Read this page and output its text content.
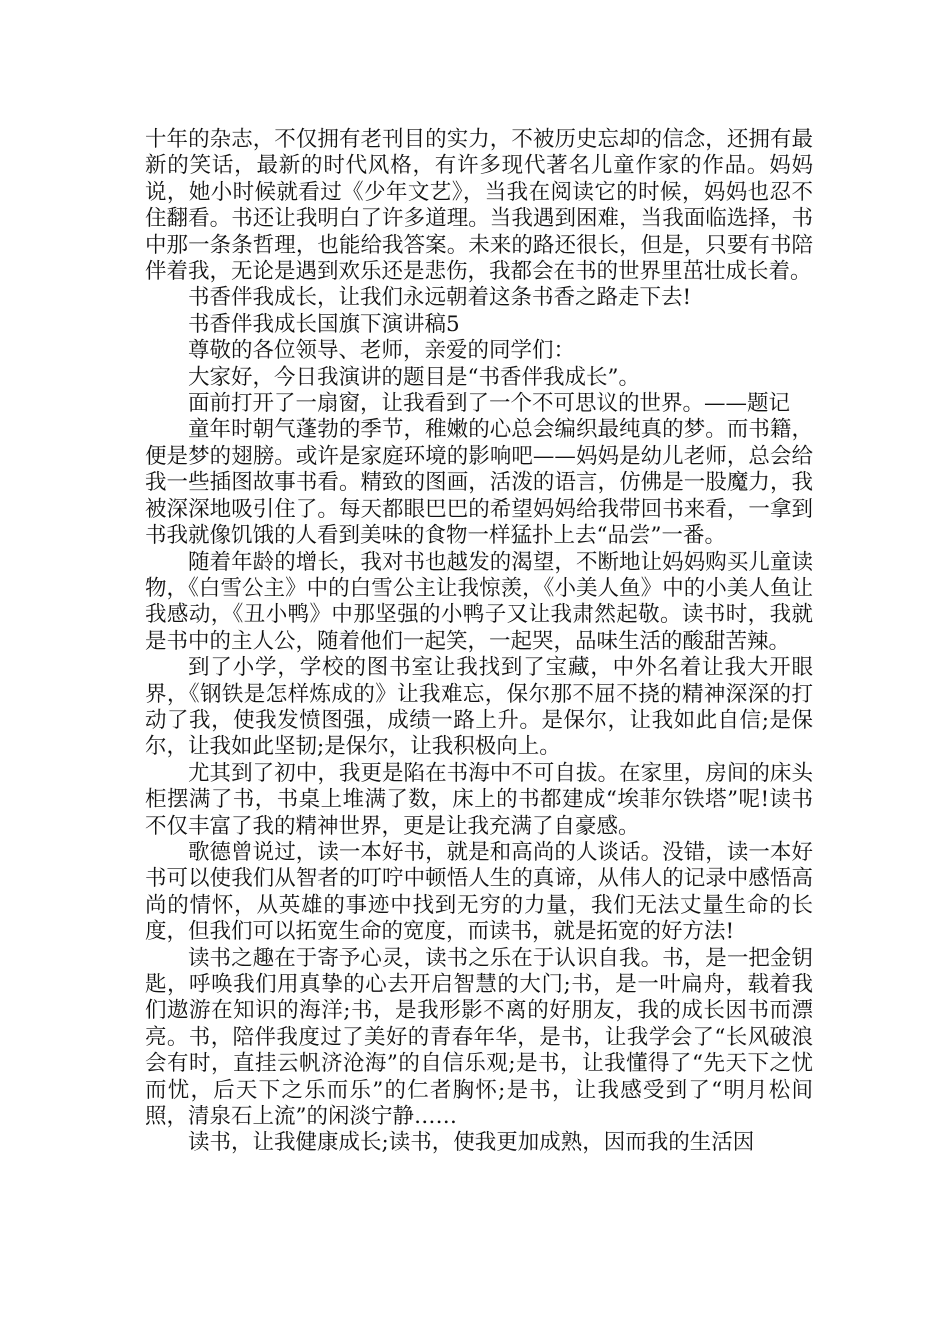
十年的杂志，不仅拥有老刊目的实力，不被历史忘却的信念，还拥有最新的笑话，最新的时代风格，有许多现代著名儿童作家的作品。妈妈说，她小时候就看过《少年文艺》，当我在阅读它的时候，妈妈也忍不住翻看。书还让我明白了许多道理。当我遇到困难，当我面临选择，书中那一条条哲理，也能给我答案。未来的路还很长，但是，只要有书陪伴着我，无论是遇到欢乐还是悲伤，我都会在书的世界里茁壮成长着。

书香伴我成长，让我们永远朝着这条书香之路走下去!

书香伴我成长国旗下演讲稿5

尊敬的各位领导、老师，亲爱的同学们：

大家好，今日我演讲的题目是“书香伴我成长”。

面前打开了一扇窗，让我看到了一个不可思议的世界。——题记

童年时朝气蓬勃的季节，稚嫩的心总会编织最纯真的梦。而书籍，便是梦的翅膀。或许是家庭环境的影响吧——妈妈是幼儿老师，总会给我一些插图故事书看。精致的图画，活泼的语言，仿佛是一股魔力，我被深深地吸引住了。每天都眼巴巴的希望妈妈给我带回书来看，一拿到书我就像饥饿的人看到美味的食物一样猛扑上去“品尝”一番。

随着年龄的增长，我对书也越发的渴望，不断地让妈妈购买儿童读物，《白雪公主》中的白雪公主让我惊羡，《小美人鱼》中的小美人鱼让我感动，《丑小鸭》中那坚强的小鸭子又让我肃然起敬。读书时，我就是书中的主人公，随着他们一起笑，一起哭，品味生活的酸甜苦辣。

到了小学，学校的图书室让我找到了宝藏，中外名着让我大开眼界，《钢铁是怎样炼成的》让我难忘，保尔那不屈不挠的精神深深的打动了我，使我发愤图强，成绩一路上升。是保尔，让我如此自信;是保尔，让我如此坚韧;是保尔，让我积极向上。

尤其到了初中，我更是陷在书海中不可自拔。在家里，房间的床头柜摆满了书，书桌上堆满了数，床上的书都建成“埃菲尔铁塔”呢!读书不仅丰富了我的精神世界，更是让我充满了自豪感。

歌德曾说过，读一本好书，就是和高尚的人谈话。没错，读一本好书可以使我们从智者的叮咛中顿悟人生的真谛，从伟人的记录中感悟高尚的情怀，从英雄的事迹中找到无穷的力量，我们无法丈量生命的长度，但我们可以拓宽生命的宽度，而读书，就是拓宽的好方法!

读书之趣在于寄予心灵，读书之乐在于认识自我。书，是一把金钥匙，呼唤我们用真挚的心去开启智慧的大门;书，是一叶扁舟，载着我们遨游在知识的海洋;书，是我形影不离的好朋友，我的成长因书而漂亮。书，陪伴我度过了美好的青春年华，是书，让我学会了“长风破浪会有时，直挂云帆济沧海”的自信乐观;是书，让我懂得了“先天下之忧而忧，后天下之乐而乐”的仁者胸怀;是书，让我感受到了“明月松间照，清泉石上流”的闲淡宁静……

读书，让我健康成长;读书，使我更加成熟，因而我的生活因
